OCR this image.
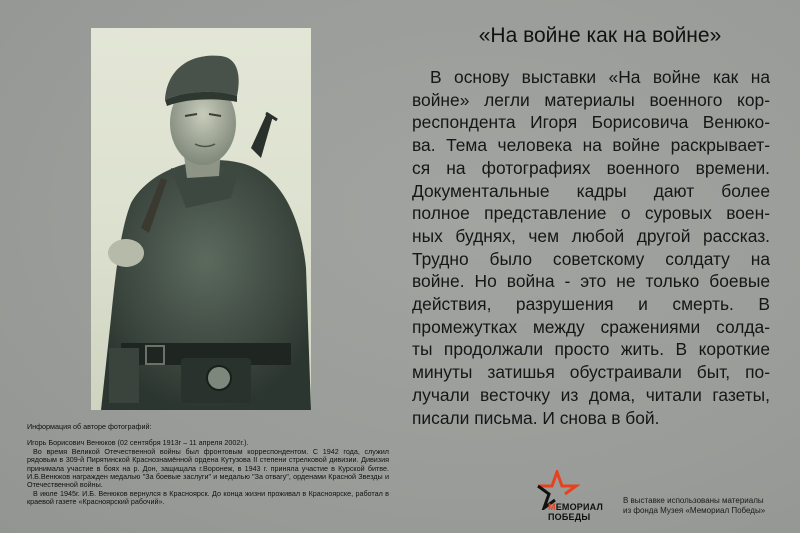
Информация об авторе фотографий:

Игорь Борисович Венюков (02 сентября 1913г – 11 апреля 2002г.).

Во время Великой Отечественной войны был фронтовым корреспондентом. С 1942 года, служил рядовым в 309-й Пирятинской Краснознамённой ордена Кутузова II степени стрелковой дивизии. Дивизия принимала участие в боях на р. Дон, защищала г.Воронеж, в 1943 г. приняла участие в Курской битве. И.Б.Венюков награжден медалью "За боевые заслуги" и медалью "За отвагу", орденами Красной Звезды и Отечественной войны.

В июле 1945г. И.Б. Венюков вернулся в Красноярск. До конца жизни проживал в Красноярске, работал в краевой газете «Красноярский рабочий».

«На войне как на войне»
В основу выставки «На войне как на
войне» легли материалы военного кор-
респондента Игоря Борисовича Венюко-
ва. Тема человека на войне раскрывает-
ся на фотографиях военного времени.
Документальные кадры дают более
полное представление о суровых воен-
ных буднях, чем любой другой рассказ.
Трудно было советскому солдату на
войне. Но война - это не только боевые
действия, разрушения и смерть. В
промежутках между сражениями солда-
ты продолжали просто жить. В короткие
минуты затишья обустраивали быт, по-
лучали весточку из дома, читали газеты,
писали письма. И снова в бой.
МЕМОРИАЛ
ПОБЕДЫ
В выставке использованы материалы
из фонда Музея «Мемориал Победы»
